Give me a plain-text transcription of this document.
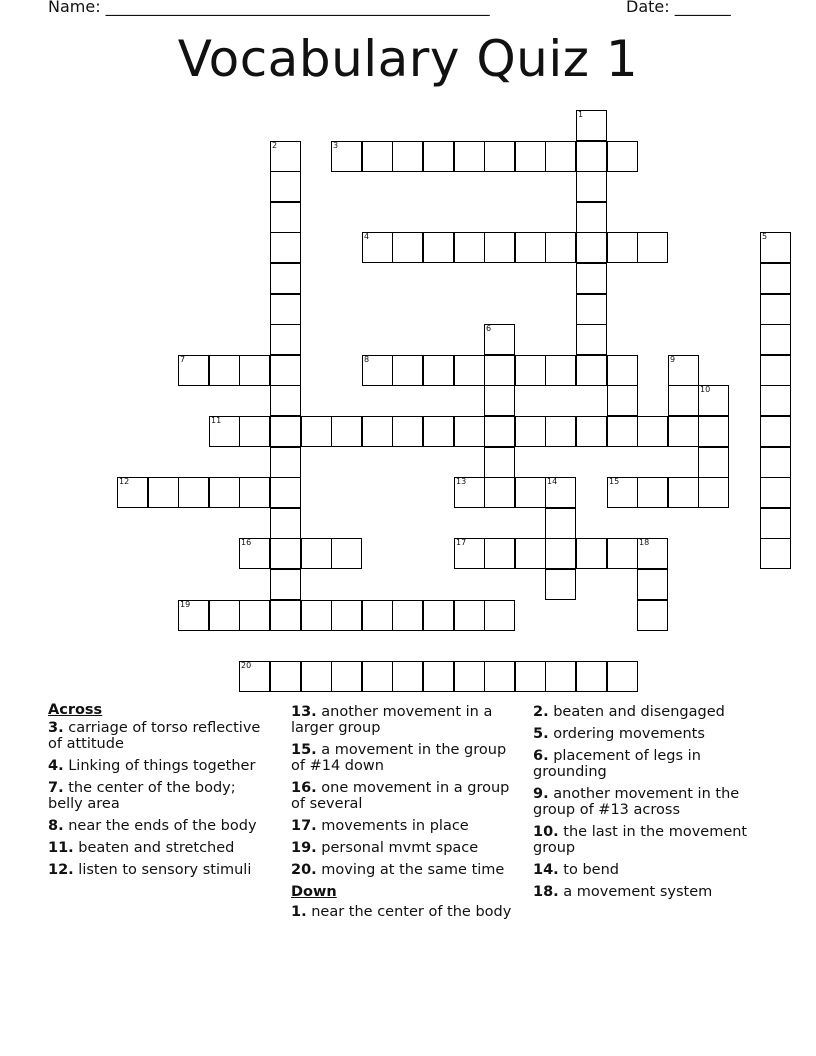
Name: ________________________________________________	Date: _______
Vocabulary Quiz 1
1
2	3
4	5
6
7	8	9
10
11
12	13	14	15
16	17	18
19
20
Across
3. carriage of torso reflective of attitude
4. Linking of things together
7. the center of the body; belly area
8. near the ends of the body
11. beaten and stretched
12. listen to sensory stimuli
13. another movement in a larger group
15. a movement in the group of #14 down
16. one movement in a group of several
17. movements in place
19. personal mvmt space
20. moving at the same time
Down
1. near the center of the body
2. beaten and disengaged
5. ordering movements
6. placement of legs in grounding
9. another movement in the group of #13 across
10. the last in the movement group
14. to bend
18. a movement system
